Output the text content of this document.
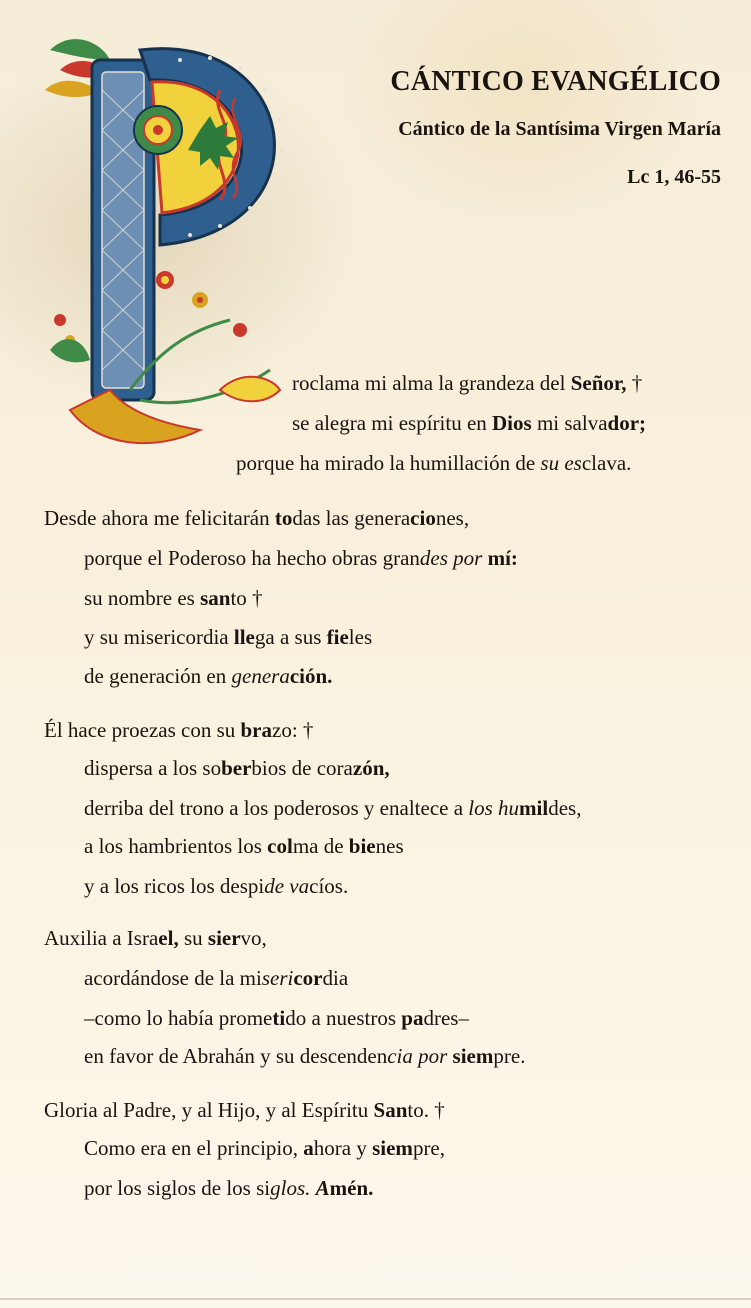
CÁNTICO EVANGÉLICO
Cántico de la Santísima Virgen María
Lc 1, 46-55
roclama mi alma la grandeza del Señor, †
se alegra mi espíritu en Dios mi salvador;
porque ha mirado la humillación de su esclava.
Desde ahora me felicitarán todas las generaciones,
porque el Poderoso ha hecho obras grandes por mí:
su nombre es santo †
y su misericordia llega a sus fieles
de generación en generación.
Él hace proezas con su brazo: †
dispersa a los soberbios de corazón,
derriba del trono a los poderosos y enaltece a los humildes,
a los hambrientos los colma de bienes
y a los ricos los despide vacíos.
Auxilia a Israel, su siervo,
acordándose de la misericordia
–como lo había prometido a nuestros padres–
en favor de Abrahán y su descendencia por siempre.
Gloria al Padre, y al Hijo, y al Espíritu Santo. †
Como era en el principio, ahora y siempre,
por los siglos de los siglos. Amén.
